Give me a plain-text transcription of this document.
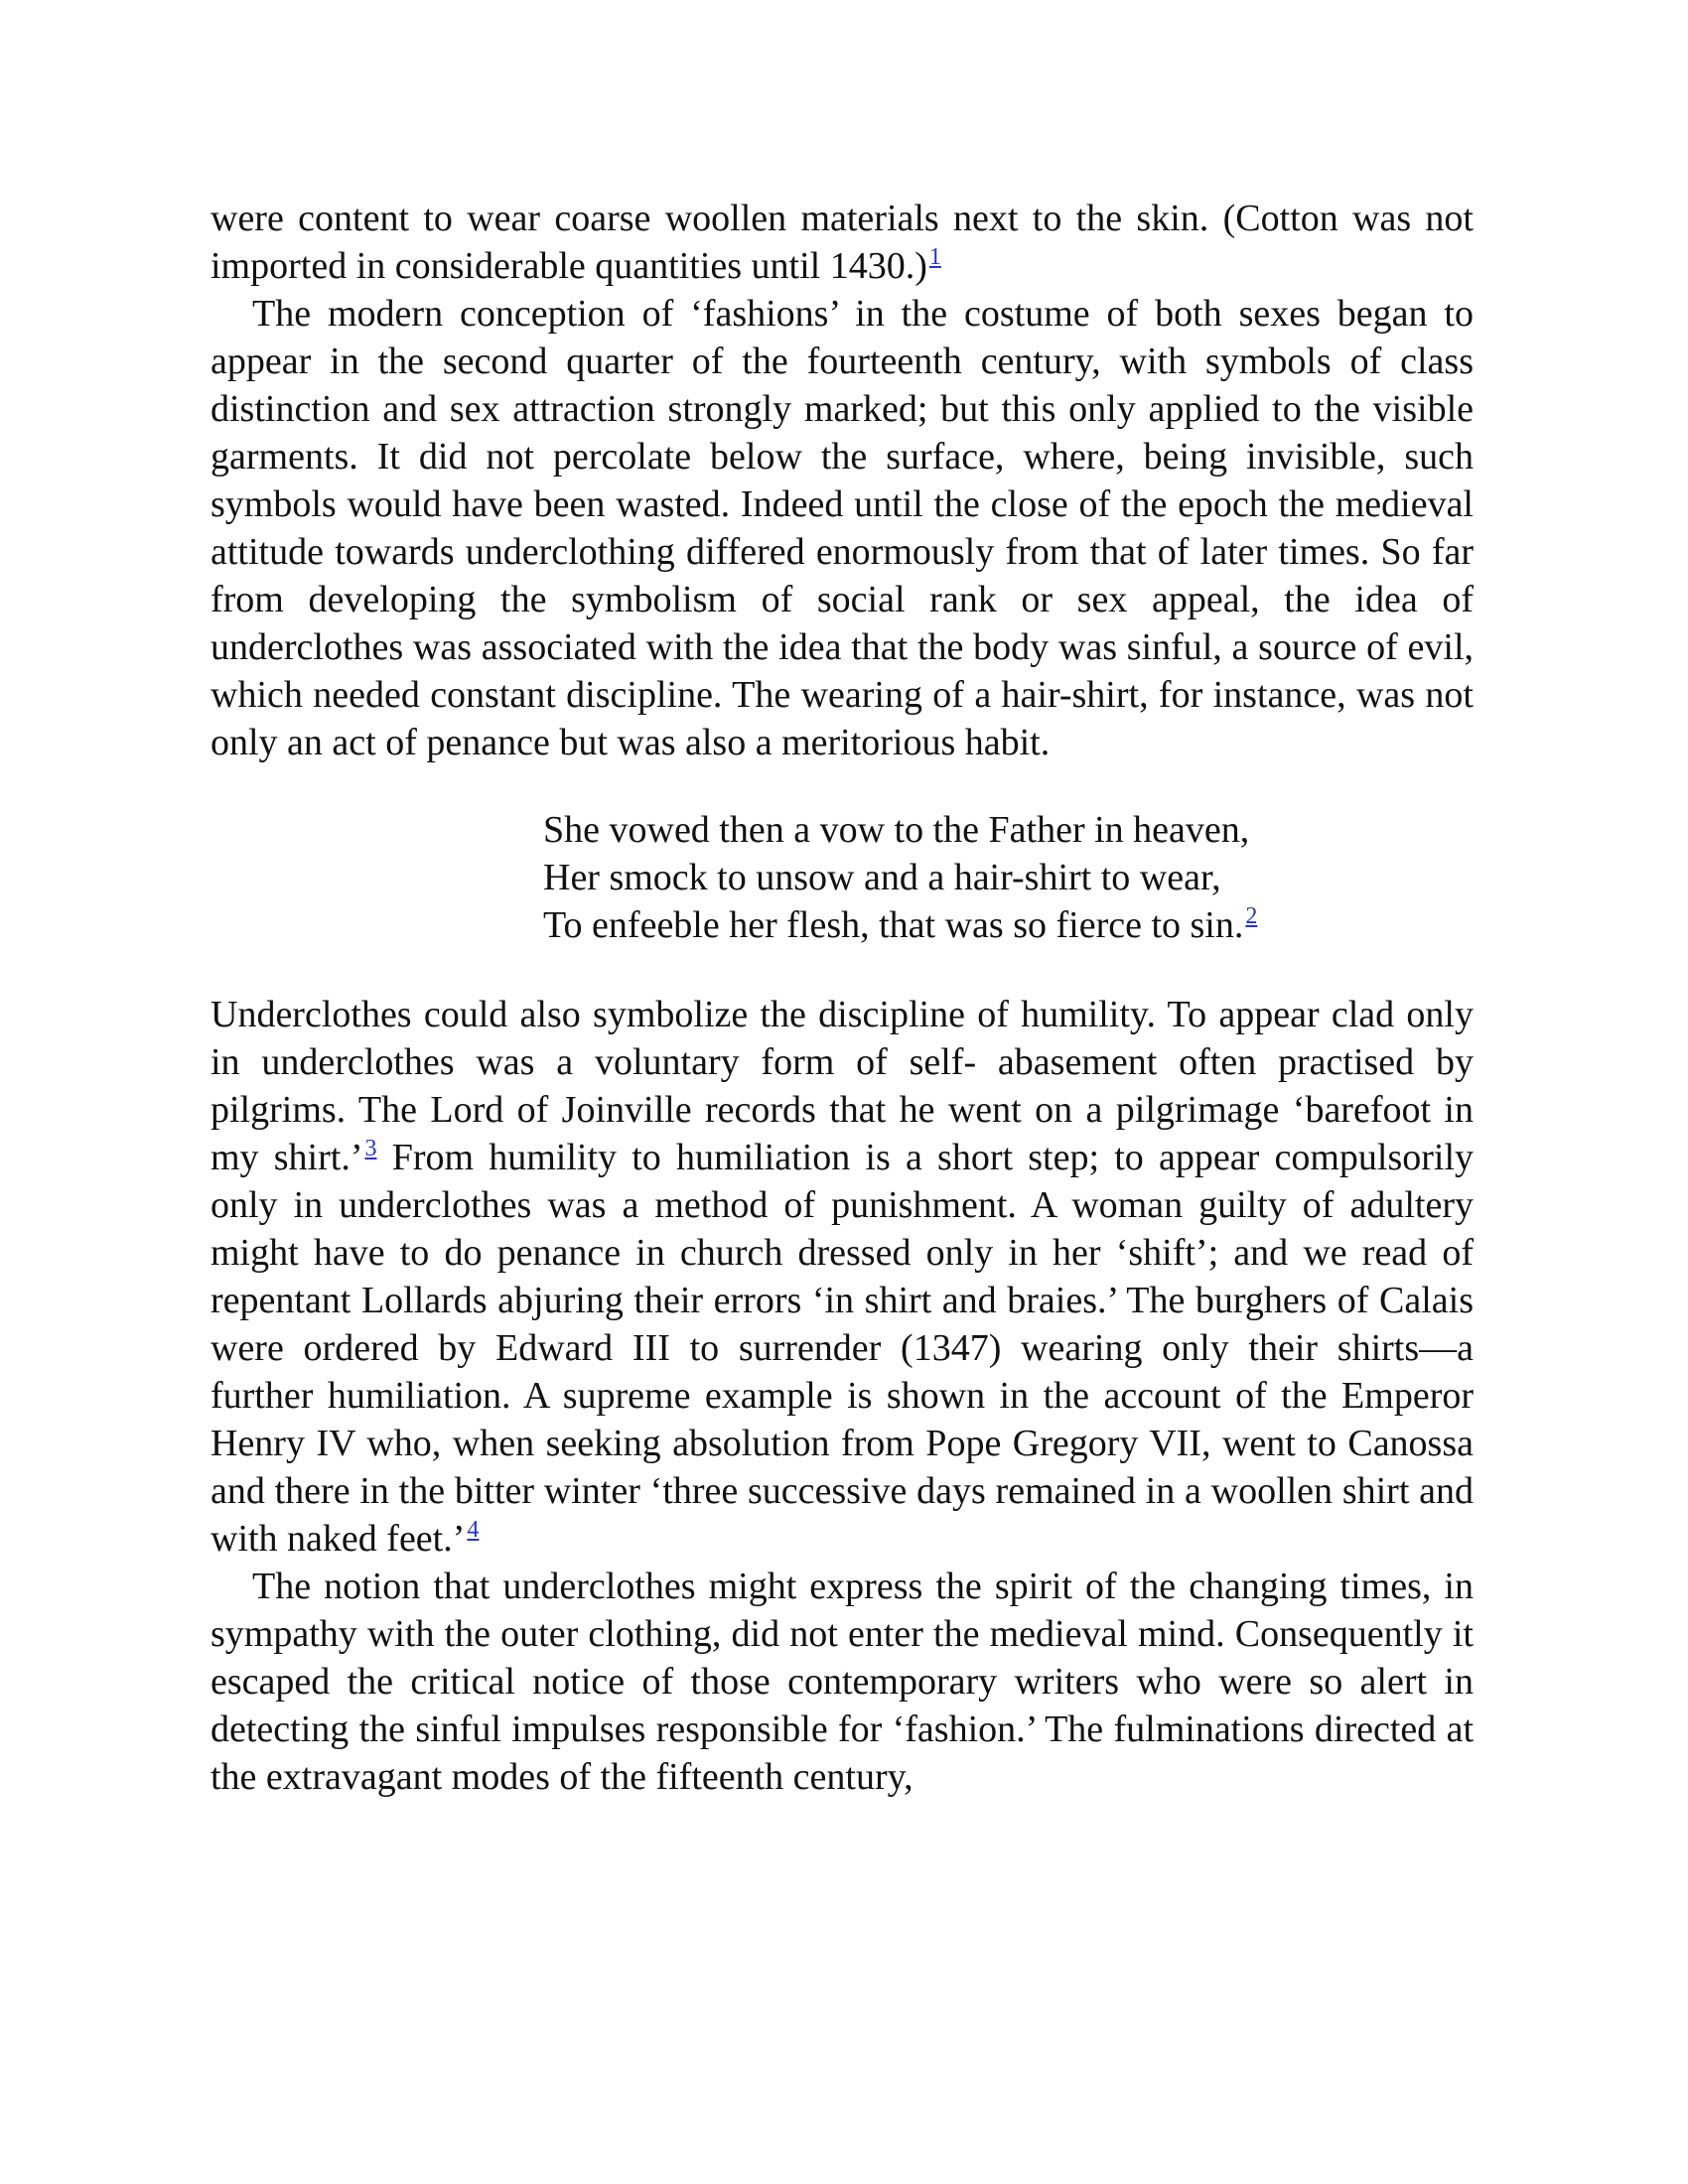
were content to wear coarse woollen materials next to the skin. (Cotton was not imported in considerable quantities until 1430.)$^1$

The modern conception of ‘fashions’ in the costume of both sexes began to appear in the second quarter of the fourteenth century, with symbols of class distinction and sex attraction strongly marked; but this only applied to the visible garments. It did not percolate below the surface, where, being invisible, such symbols would have been wasted. Indeed until the close of the epoch the medieval attitude towards underclothing differed enormously from that of later times. So far from developing the symbolism of social rank or sex appeal, the idea of underclothes was associated with the idea that the body was sinful, a source of evil, which needed constant discipline. The wearing of a hair-shirt, for instance, was not only an act of penance but was also a meritorious habit.

She vowed then a vow to the Father in heaven,
Her smock to unsow and a hair-shirt to wear,
To enfeeble her flesh, that was so fierce to sin.$^2$

Underclothes could also symbolize the discipline of humility. To appear clad only in underclothes was a voluntary form of self- abasement often practised by pilgrims. The Lord of Joinville records that he went on a pilgrimage ‘barefoot in my shirt.’$^3$ From humility to humiliation is a short step; to appear compulsorily only in underclothes was a method of punishment. A woman guilty of adultery might have to do penance in church dressed only in her ‘shift’; and we read of repentant Lollards abjuring their errors ‘in shirt and braies.’ The burghers of Calais were ordered by Edward III to surrender (1347) wearing only their shirts—a further humiliation. A supreme example is shown in the account of the Emperor Henry IV who, when seeking absolution from Pope Gregory VII, went to Canossa and there in the bitter winter ‘three successive days remained in a woollen shirt and with naked feet.’$^4$

The notion that underclothes might express the spirit of the changing times, in sympathy with the outer clothing, did not enter the medieval mind. Consequently it escaped the critical notice of those contemporary writers who were so alert in detecting the sinful impulses responsible for ‘fashion.’ The fulminations directed at the extravagant modes of the fifteenth century,
